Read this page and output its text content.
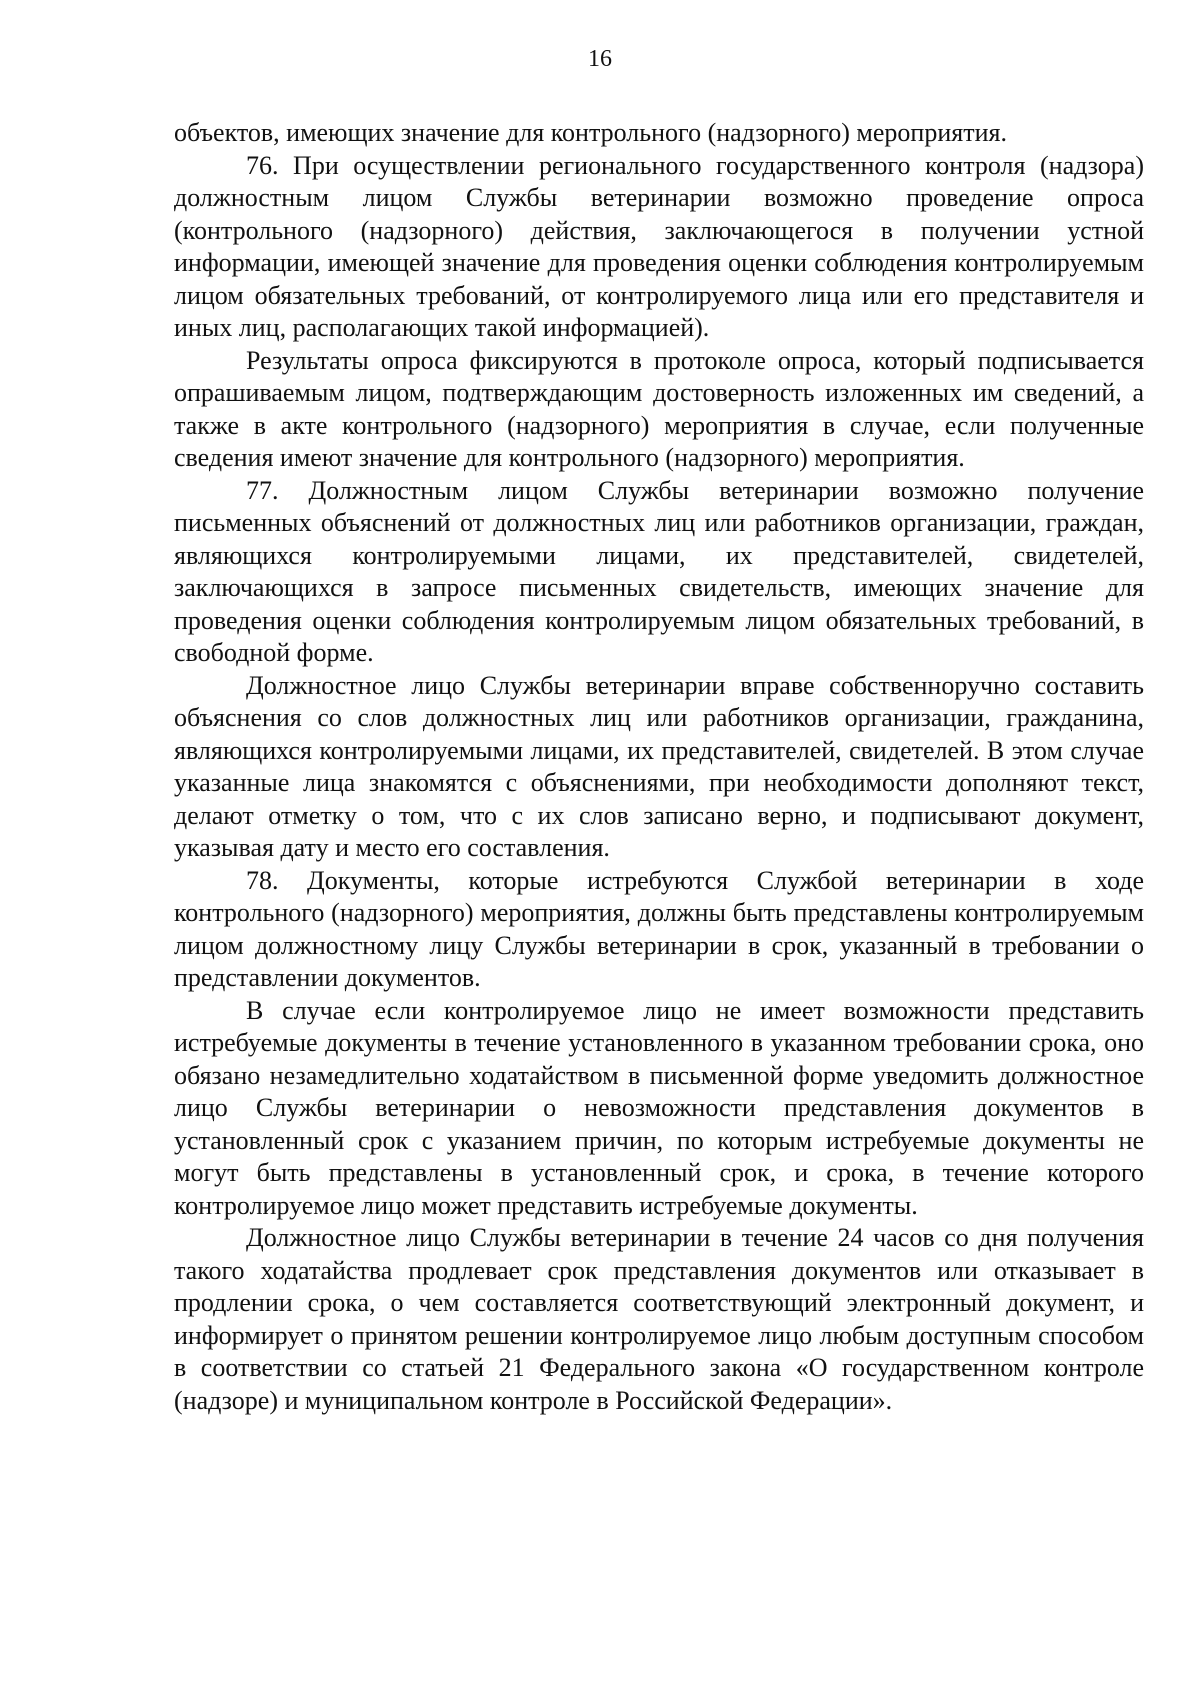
16

объектов, имеющих значение для контрольного (надзорного) мероприятия.

76. При осуществлении регионального государственного контроля (надзора) должностным лицом Службы ветеринарии возможно проведение опроса (контрольного (надзорного) действия, заключающегося в получении устной информации, имеющей значение для проведения оценки соблюдения контролируемым лицом обязательных требований, от контролируемого лица или его представителя и иных лиц, располагающих такой информацией).

Результаты опроса фиксируются в протоколе опроса, который подписывается опрашиваемым лицом, подтверждающим достоверность изложенных им сведений, а также в акте контрольного (надзорного) мероприятия в случае, если полученные сведения имеют значение для контрольного (надзорного) мероприятия.

77. Должностным лицом Службы ветеринарии возможно получение письменных объяснений от должностных лиц или работников организации, граждан, являющихся контролируемыми лицами, их представителей, свидетелей, заключающихся в запросе письменных свидетельств, имеющих значение для проведения оценки соблюдения контролируемым лицом обязательных требований, в свободной форме.

Должностное лицо Службы ветеринарии вправе собственноручно составить объяснения со слов должностных лиц или работников организации, гражданина, являющихся контролируемыми лицами, их представителей, свидетелей. В этом случае указанные лица знакомятся с объяснениями, при необходимости дополняют текст, делают отметку о том, что с их слов записано верно, и подписывают документ, указывая дату и место его составления.

78. Документы, которые истребуются Службой ветеринарии в ходе контрольного (надзорного) мероприятия, должны быть представлены контролируемым лицом должностному лицу Службы ветеринарии в срок, указанный в требовании о представлении документов.

В случае если контролируемое лицо не имеет возможности представить истребуемые документы в течение установленного в указанном требовании срока, оно обязано незамедлительно ходатайством в письменной форме уведомить должностное лицо Службы ветеринарии о невозможности представления документов в установленный срок с указанием причин, по которым истребуемые документы не могут быть представлены в установленный срок, и срока, в течение которого контролируемое лицо может представить истребуемые документы.

Должностное лицо Службы ветеринарии в течение 24 часов со дня получения такого ходатайства продлевает срок представления документов или отказывает в продлении срока, о чем составляется соответствующий электронный документ, и информирует о принятом решении контролируемое лицо любым доступным способом в соответствии со статьей 21 Федерального закона «О государственном контроле (надзоре) и муниципальном контроле в Российской Федерации».
